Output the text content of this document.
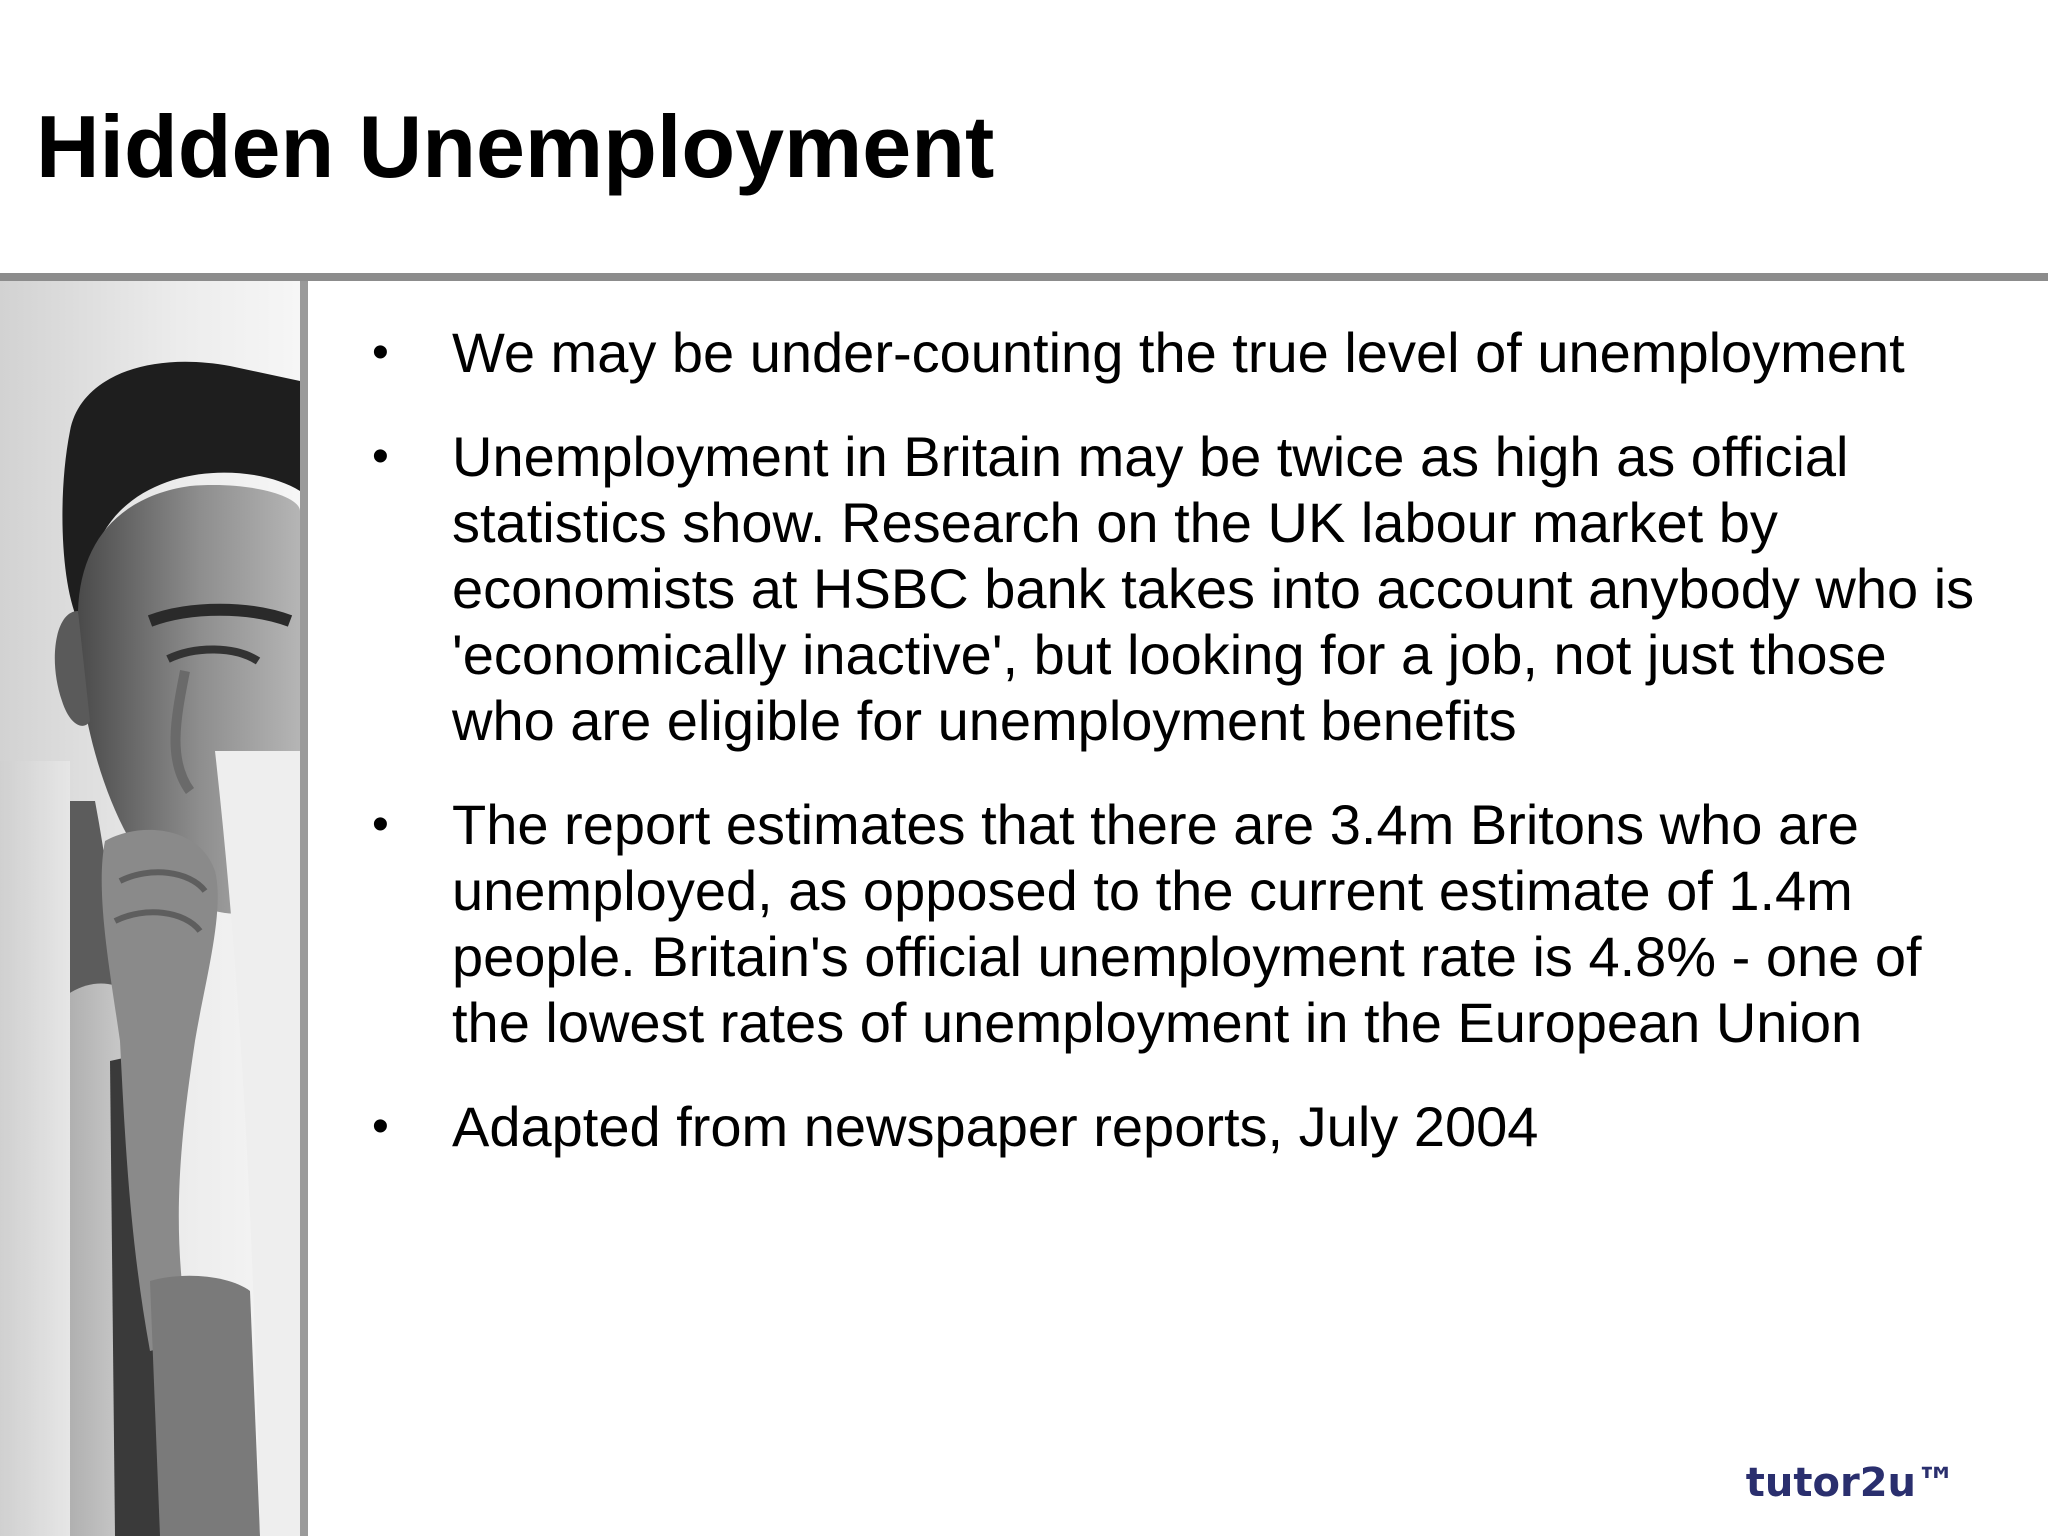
Hidden Unemployment
• We may be under-counting the true level of unemployment
• Unemployment in Britain may be twice as high as official statistics show. Research on the UK labour market by economists at HSBC bank takes into account anybody who is 'economically inactive', but looking for a job, not just those who are eligible for unemployment benefits
• The report estimates that there are 3.4m Britons who are unemployed, as opposed to the current estimate of 1.4m people. Britain's official unemployment rate is 4.8% - one of the lowest rates of unemployment in the European Union
• Adapted from newspaper reports, July 2004
tutor2u™
